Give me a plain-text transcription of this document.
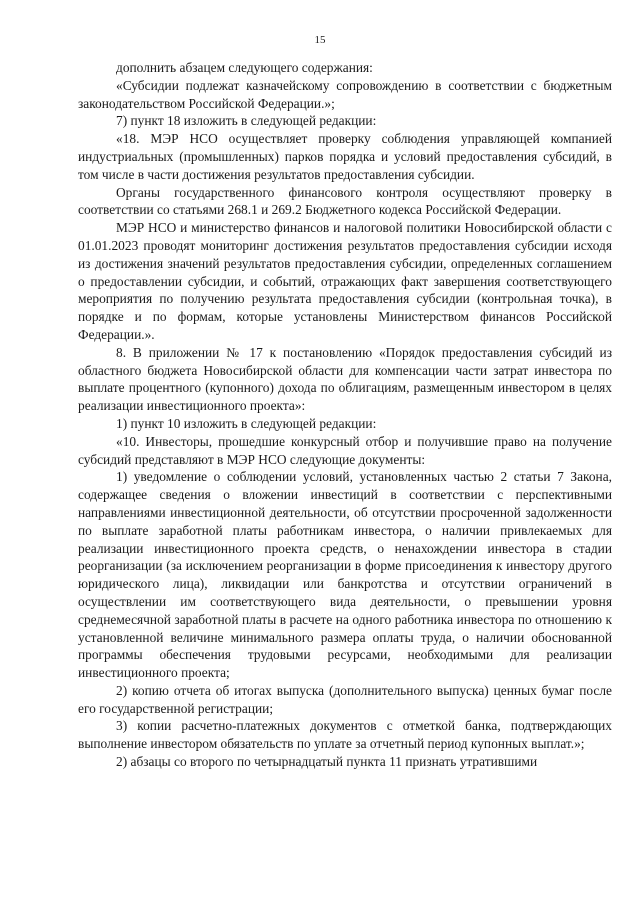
15

дополнить абзацем следующего содержания:

«Субсидии подлежат казначейскому сопровождению в соответствии с бюджетным законодательством Российской Федерации.»;

7) пункт 18 изложить в следующей редакции:

«18. МЭР НСО осуществляет проверку соблюдения управляющей компанией индустриальных (промышленных) парков порядка и условий предоставления субсидий, в том числе в части достижения результатов предоставления субсидии.

Органы государственного финансового контроля осуществляют проверку в соответствии со статьями 268.1 и 269.2 Бюджетного кодекса Российской Федерации.

МЭР НСО и министерство финансов и налоговой политики Новосибирской области с 01.01.2023 проводят мониторинг достижения результатов предоставления субсидии исходя из достижения значений результатов предоставления субсидии, определенных соглашением о предоставлении субсидии, и событий, отражающих факт завершения соответствующего мероприятия по получению результата предоставления субсидии (контрольная точка), в порядке и по формам, которые установлены Министерством финансов Российской Федерации.».

8. В приложении № 17 к постановлению «Порядок предоставления субсидий из областного бюджета Новосибирской области для компенсации части затрат инвестора по выплате процентного (купонного) дохода по облигациям, размещенным инвестором в целях реализации инвестиционного проекта»:

1) пункт 10 изложить в следующей редакции:

«10. Инвесторы, прошедшие конкурсный отбор и получившие право на получение субсидий представляют в МЭР НСО следующие документы:

1) уведомление о соблюдении условий, установленных частью 2 статьи 7 Закона, содержащее сведения о вложении инвестиций в соответствии с перспективными направлениями инвестиционной деятельности, об отсутствии просроченной задолженности по выплате заработной платы работникам инвестора, о наличии привлекаемых для реализации инвестиционного проекта средств, о ненахождении инвестора в стадии реорганизации (за исключением реорганизации в форме присоединения к инвестору другого юридического лица), ликвидации или банкротства и отсутствии ограничений в осуществлении им соответствующего вида деятельности, о превышении уровня среднемесячной заработной платы в расчете на одного работника инвестора по отношению к установленной величине минимального размера оплаты труда, о наличии обоснованной программы обеспечения трудовыми ресурсами, необходимыми для реализации инвестиционного проекта;

2) копию отчета об итогах выпуска (дополнительного выпуска) ценных бумаг после его государственной регистрации;

3) копии расчетно-платежных документов с отметкой банка, подтверждающих выполнение инвестором обязательств по уплате за отчетный период купонных выплат.»;

2) абзацы со второго по четырнадцатый пункта 11 признать утратившими
